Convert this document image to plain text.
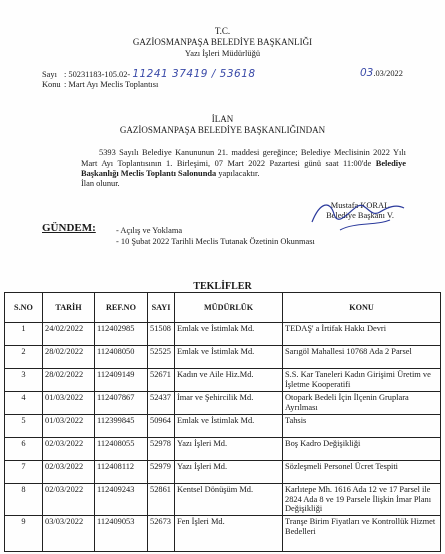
T.C.
GAZİOSMANPAŞA BELEDİYE BAŞKANLIĞI
Yazı İşleri Müdürlüğü
Sayı : 50231183-105.02- 11241 37419 / 53618	03.03/2022
Konu : Mart Ayı Meclis Toplantısı
İLAN
GAZİOSMANPAŞA BELEDİYE BAŞKANLIĞINDAN
5393 Sayılı Belediye Kanununun 21. maddesi gereğince; Belediye Meclisinin 2022 Yılı Mart Ayı Toplantısının 1. Birleşimi, 07 Mart 2022 Pazartesi günü saat 11:00'de Belediye Başkanlığı Meclis Toplantı Salonunda yapılacaktır.
İlan olunur.
Mustafa KORAL
Belediye Başkanı V.
GÜNDEM: - Açılış ve Yoklama
- 10 Şubat 2022 Tarihli Meclis Tutanak Özetinin Okunması
TEKLİFLER
S.NO	TARİH	REF.NO	SAYI	MÜDÜRLÜK	KONU
1	24/02/2022	112402985	51508	Emlak ve İstimlak Md.	TEDAŞ' a İrtifak Hakkı Devri
2	28/02/2022	112408050	52525	Emlak ve İstimlak Md.	Sarıgöl Mahallesi 10768 Ada 2 Parsel
3	28/02/2022	112409149	52671	Kadın ve Aile Hiz.Md.	S.S. Kar Taneleri Kadın Girişimi Üretim ve İşletme Kooperatifi
4	01/03/2022	112407867	52437	İmar ve Şehircilik Md.	Otopark Bedeli İçin İlçenin Gruplara Ayrılması
5	01/03/2022	112399845	50964	Emlak ve İstimlak Md.	Tahsis
6	02/03/2022	112408055	52978	Yazı İşleri Md.	Boş Kadro Değişikliği
7	02/03/2022	112408112	52979	Yazı İşleri Md.	Sözleşmeli Personel Ücret Tespiti
8	02/03/2022	112409243	52861	Kentsel Dönüşüm Md.	Karlıtepe Mh. 1616 Ada 12 ve 17 Parsel ile 2824 Ada 8 ve 19 Parsele İlişkin İmar Planı Değişikliği
9	03/03/2022	112409053	52673	Fen İşleri Md.	Tranşe Birim Fiyatları ve Kontrollük Hizmet Bedelleri
